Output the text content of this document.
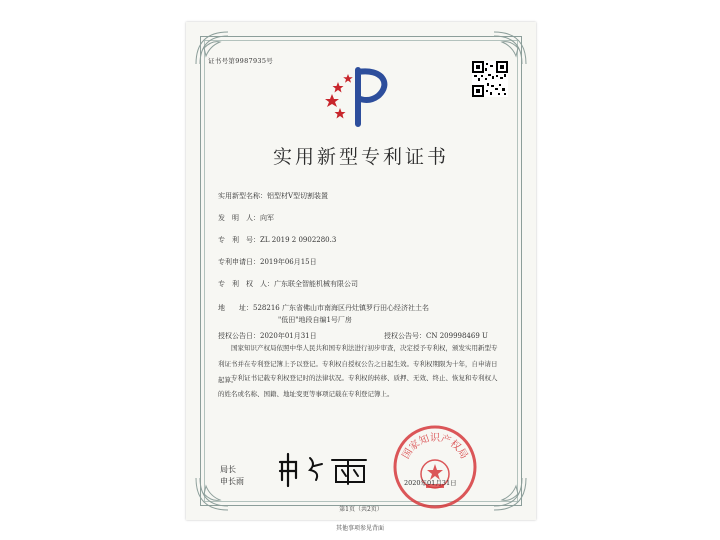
证书号第9987935号
实用新型专利证书
实用新型名称：铝型材V型切割装置
发　明　人：向军
专　利　号：ZL 2019 2 0902280.3
专利申请日：2019年06月15日
专　利　权　人：广东联全智能机械有限公司
地　　址：528216 广东省佛山市南海区丹灶镇罗行田心经济社土名
"低田"地段自编1号厂房
授权公告日：2020年01月31日	授权公告号：CN 209998469 U
国家知识产权局依照中华人民共和国专利法进行初步审查，决定授予专利权，颁发实用新型专利证书并在专利登记簿上予以登记。专利权自授权公告之日起生效。专利权期限为十年，自申请日起算。
专利证书记载专利权登记时的法律状况。专利权的转移、质押、无效、终止、恢复和专利权人的姓名或名称、国籍、地址变更等事项记载在专利登记簿上。
国家知识产权局
局长
申长雨	2020年01月31日
第1页（共2页）
其他事项参见背面
